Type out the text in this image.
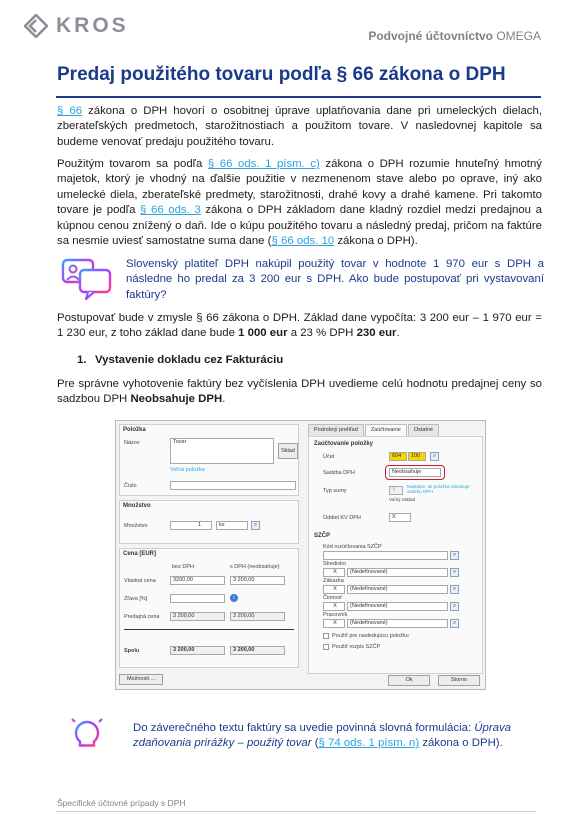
KROS	Podvojné účtovníctvo OMEGA
Predaj použitého tovaru podľa § 66 zákona o DPH
§ 66 zákona o DPH hovorí o osobitnej úprave uplatňovania dane pri umeleckých dielach, zberateľských predmetoch, starožitnostiach a použitom tovare. V nasledovnej kapitole sa budeme venovať predaju použitého tovaru.
Použitým tovarom sa podľa § 66 ods. 1 písm. c) zákona o DPH rozumie hnuteľný hmotný majetok, ktorý je vhodný na ďalšie použitie v nezmenenom stave alebo po oprave, iný ako umelecké diela, zberateľské predmety, starožitnosti, drahé kovy a drahé kamene. Pri takomto tovare je podľa § 66 ods. 3 zákona o DPH základom dane kladný rozdiel medzi predajnou a kúpnou cenou znížený o daň. Ide o kúpu použitého tovaru a následný predaj, pričom na faktúre sa nesmie uviesť samostatne suma dane (§ 66 ods. 10 zákona o DPH).
Slovenský platiteľ DPH nakúpil použitý tovar v hodnote 1 970 eur s DPH a následne ho predal za 3 200 eur s DPH. Ako bude postupovať pri vystavovaní faktúry?
Postupovať bude v zmysle § 66 zákona o DPH. Základ dane vypočíta: 3 200 eur – 1 970 eur = 1 230 eur, z toho základ dane bude 1 000 eur a 23 % DPH 230 eur.
1. Vystavenie dokladu cez Fakturáciu
Pre správne vyhotovenie faktúry bez vyčíslenia DPH uvedieme celú hodnotu predajnej ceny so sadzbou DPH Neobsahuje DPH.
Položka
Názov	Tovar
Sklad
Voľná položka
Číslo
Množstvo
Množstvo	1	ks	⌕
Cena [EUR]
bez DPH	s DPH (neobsahuje)
Vlastná cena	3200,00	3 200,00
Zľava [%]	i
Predajná cena	3 200,00	3 200,00
Spolu	3 200,00	3 200,00
Možnosti ...
Podrobný prehľad	Zaúčtovanie	Ostatné
Zaúčtovanie položky
Účet	604	100	⌕
Sadzba DPH	Neobsahuje
Typ sumy	V
Nastavte, ak položka obsahuje sadzbu DPH
Voľný základ
Oddiel KV DPH	X
SZČP
Kód rozúčtovania SZČP
⌕
Stredisko
X	(Nedefinované)	⌕
Zákazka
X	(Nedefinované)	⌕
Činnosť
X	(Nedefinované)	⌕
Pracovník
X	(Nedefinované)	⌕
Použiť pre nasledujúcu položku
Použiť rozpis SZČP
Ok	Storno
Do záverečného textu faktúry sa uvedie povinná slovná formulácia: Úprava zdaňovania prirážky – použitý tovar (§ 74 ods. 1 písm. n) zákona o DPH).
Špecifické účtovné prípady s DPH
